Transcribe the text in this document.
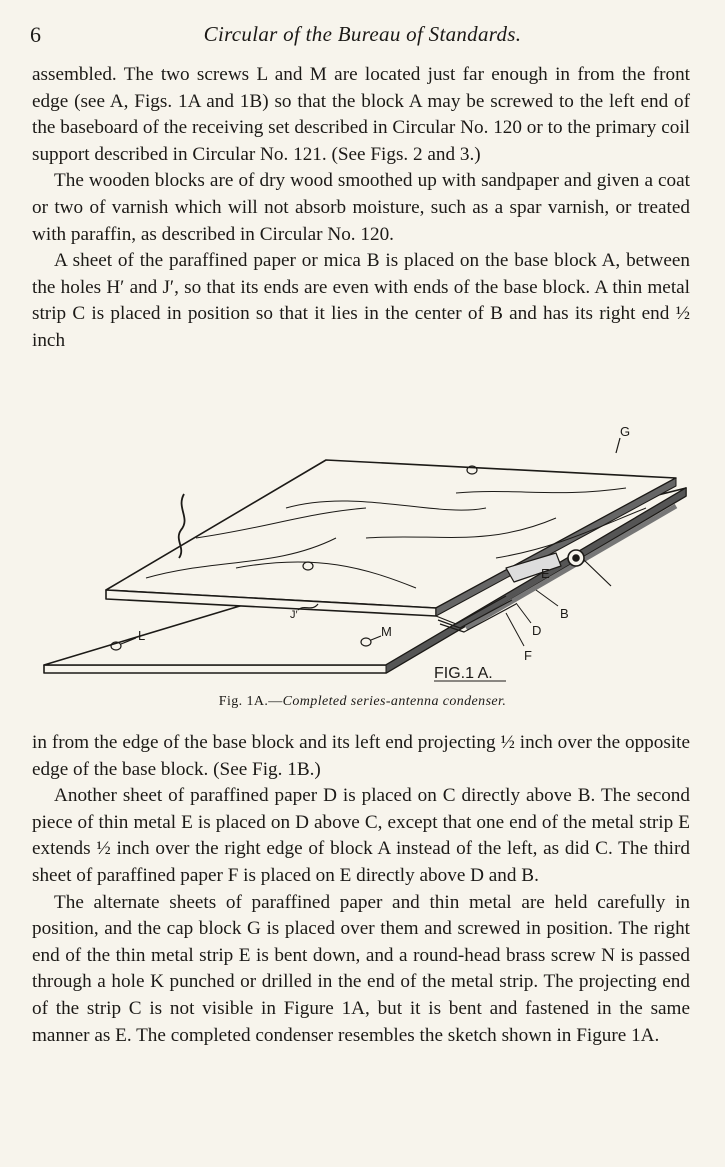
6	Circular of the Bureau of Standards.

assembled. The two screws L and M are located just far enough in from the front edge (see A, Figs. 1A and 1B) so that the block A may be screwed to the left end of the baseboard of the receiving set described in Circular No. 120 or to the primary coil support described in Circular No. 121. (See Figs. 2 and 3.)

The wooden blocks are of dry wood smoothed up with sandpaper and given a coat or two of varnish which will not absorb moisture, such as a spar varnish, or treated with paraffin, as described in Circular No. 120.

A sheet of the paraffined paper or mica B is placed on the base block A, between the holes H′ and J′, so that its ends are even with ends of the base block. A thin metal strip C is placed in position so that it lies in the center of B and has its right end ½ inch

G
E
B
D
F
L	M
J′
FIG.1 A.
Fig. 1A.—Completed series-antenna condenser.

in from the edge of the base block and its left end projecting ½ inch over the opposite edge of the base block. (See Fig. 1B.)

Another sheet of paraffined paper D is placed on C directly above B. The second piece of thin metal E is placed on D above C, except that one end of the metal strip E extends ½ inch over the right edge of block A instead of the left, as did C. The third sheet of paraffined paper F is placed on E directly above D and B.

The alternate sheets of paraffined paper and thin metal are held carefully in position, and the cap block G is placed over them and screwed in position. The right end of the thin metal strip E is bent down, and a round-head brass screw N is passed through a hole K punched or drilled in the end of the metal strip. The projecting end of the strip C is not visible in Figure 1A, but it is bent and fastened in the same manner as E. The completed condenser resembles the sketch shown in Figure 1A.
